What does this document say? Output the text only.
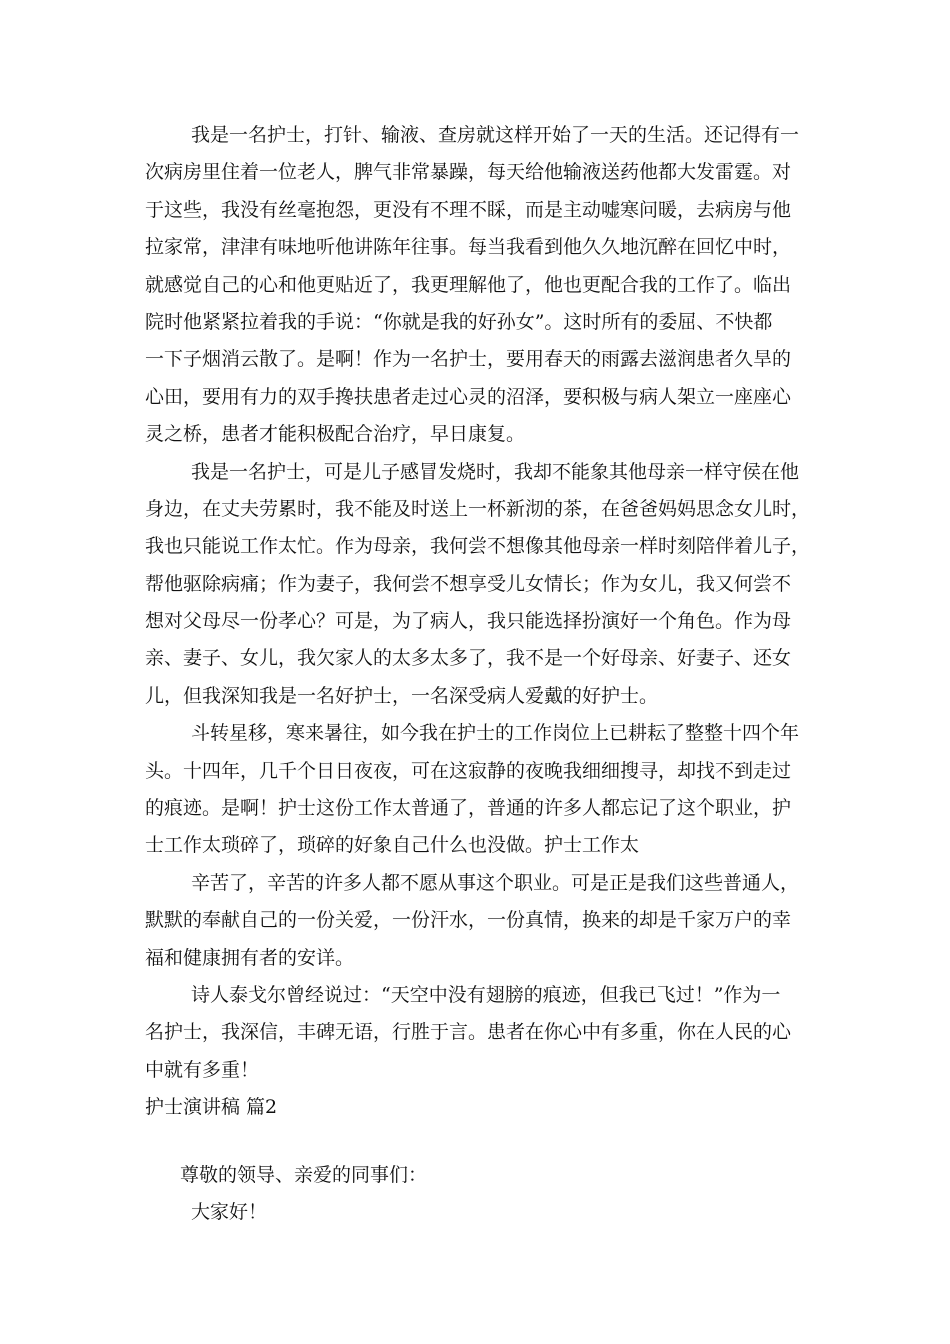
我是一名护士，打针、输液、查房就这样开始了一天的生活。还记得有一
次病房里住着一位老人，脾气非常暴躁，每天给他输液送药他都大发雷霆。对
于这些，我没有丝毫抱怨，更没有不理不睬，而是主动嘘寒问暖，去病房与他
拉家常，津津有味地听他讲陈年往事。每当我看到他久久地沉醉在回忆中时，
就感觉自己的心和他更贴近了，我更理解他了，他也更配合我的工作了。临出
院时他紧紧拉着我的手说：“你就是我的好孙女”。这时所有的委屈、不快都
一下子烟消云散了。是啊！作为一名护士，要用春天的雨露去滋润患者久旱的
心田，要用有力的双手搀扶患者走过心灵的沼泽，要积极与病人架立一座座心
灵之桥，患者才能积极配合治疗，早日康复。
我是一名护士，可是儿子感冒发烧时，我却不能象其他母亲一样守侯在他
身边，在丈夫劳累时，我不能及时送上一杯新沏的茶，在爸爸妈妈思念女儿时，
我也只能说工作太忙。作为母亲，我何尝不想像其他母亲一样时刻陪伴着儿子，
帮他驱除病痛；作为妻子，我何尝不想享受儿女情长；作为女儿，我又何尝不
想对父母尽一份孝心？可是，为了病人，我只能选择扮演好一个角色。作为母
亲、妻子、女儿，我欠家人的太多太多了，我不是一个好母亲、好妻子、还女
儿，但我深知我是一名好护士，一名深受病人爱戴的好护士。
斗转星移，寒来暑往，如今我在护士的工作岗位上已耕耘了整整十四个年
头。十四年，几千个日日夜夜，可在这寂静的夜晚我细细搜寻，却找不到走过
的痕迹。是啊！护士这份工作太普通了，普通的许多人都忘记了这个职业，护
士工作太琐碎了，琐碎的好象自己什么也没做。护士工作太
辛苦了，辛苦的许多人都不愿从事这个职业。可是正是我们这些普通人，
默默的奉献自己的一份关爱，一份汗水，一份真情，换来的却是千家万户的幸
福和健康拥有者的安详。
诗人泰戈尔曾经说过：“天空中没有翅膀的痕迹，但我已飞过！”作为一
名护士，我深信，丰碑无语，行胜于言。患者在你心中有多重，你在人民的心
中就有多重！
护士演讲稿 篇2
尊敬的领导、亲爱的同事们：
大家好！
